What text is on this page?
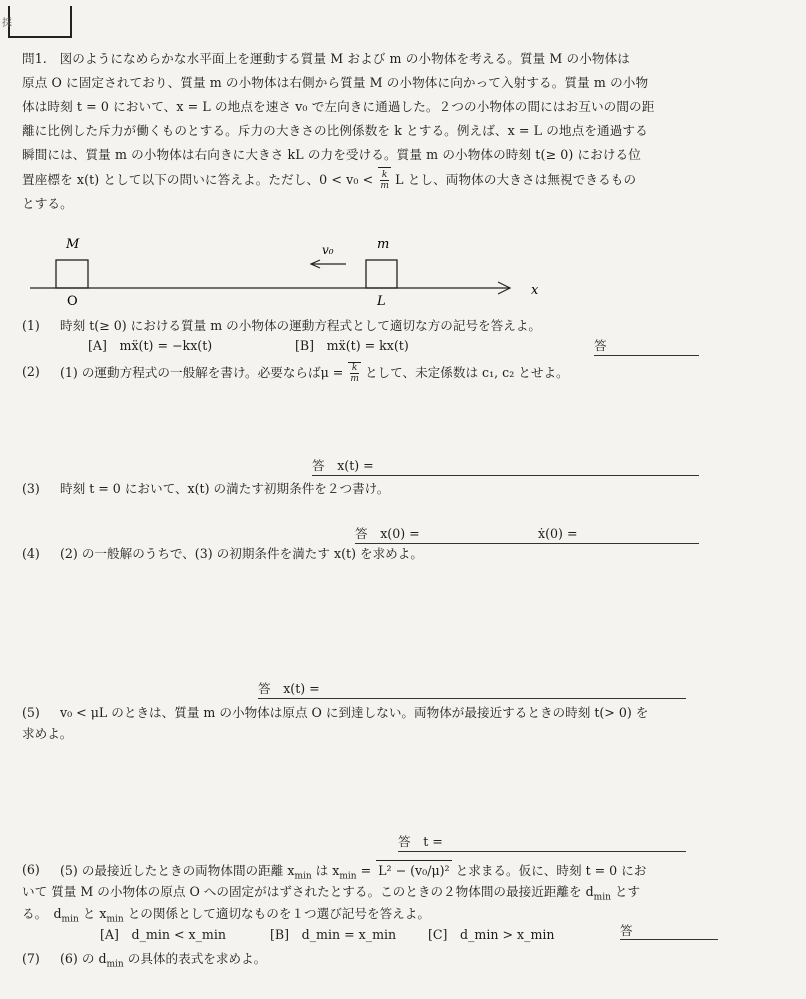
採
問1.　図のようになめらかな水平面上を運動する質量 M および m の小物体を考える。質量 M の小物体は
原点 O に固定されており、質量 m の小物体は右側から質量 M の小物体に向かって入射する。質量 m の小物
体は時刻 t = 0 において、x = L の地点を速さ v₀ で左向きに通過した。２つの小物体の間にはお互いの間の距
離に比例した斥力が働くものとする。斥力の大きさの比例係数を k とする。例えば、x = L の地点を通過する
瞬間には、質量 m の小物体は右向きに大きさ kL の力を受ける。質量 m の小物体の時刻 t(≥ 0) における位
置座標を x(t) として以下の問いに答えよ。ただし、$0 < v_0 < \frac{k}{m}$ L とし、両物体の大きさは無視できるもの
とする。
M	m
v₀
O	L
x
(1) 時刻 t(≥ 0) における質量 m の小物体の運動方程式として適切な方の記号を答えよ。
[A]　mẍ(t) = −kx(t)	[B]　mẍ(t) = kx(t)	答
(2) (1) の運動方程式の一般解を書け。必要ならば$\mu = \frac{k}{m}$ として、未定係数は c₁, c₂ とせよ。
答　x(t) =
(3) 時刻 t = 0 において、x(t) の満たす初期条件を２つ書け。
答　x(0) =	ẋ(0) =
(4) (2) の一般解のうちで、(3) の初期条件を満たす x(t) を求めよ。
答　x(t) =
(5) v₀ < μL のときは、質量 m の小物体は原点 O に到達しない。両物体が最接近するときの時刻 t(> 0) を
求めよ。
答　t =
(6) (5) の最接近したときの両物体間の距離 $x_{min}$ は $x_{min} = L^2 - (v_0/\mu)^2$ と求まる。仮に、時刻 t = 0 にお
いて 質量 M の小物体の原点 O への固定がはずされたとする。このときの２物体間の最接近距離を $d_{min}$ とす
る。　$d_{min}$ と $x_{min}$ との関係として適切なものを１つ選び記号を答えよ。
[A]　d_min < x_min	[B]　d_min = x_min	[C]　d_min > x_min	答
(7) (6) の $d_{min}$ の具体的表式を求めよ。
